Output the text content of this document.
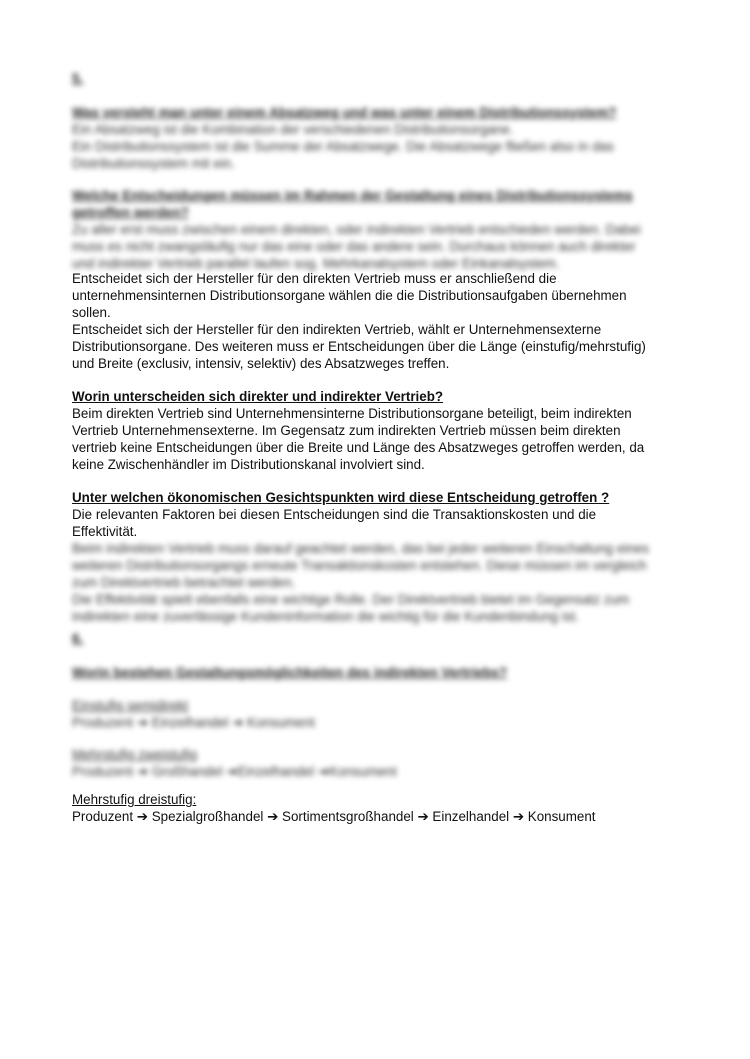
5.

Was versteht man unter einem Absatzweg und was unter einem Distributionssystem?

Ein Absatzweg ist die Kombination der verschiedenen Distributionsorgane.

Ein Distributionssystem ist die Summe der Absatzwege. Die Absatzwege fließen also in das

Distributionssystem mit ein.

Welche Entscheidungen müssen im Rahmen der Gestaltung eines Distributionssystems

getroffen werden?

Zu aller erst muss zwischen einem direkten, oder indirekten Vertrieb entschieden werden. Dabei

muss es nicht zwangsläufig nur das eine oder das andere sein. Durchaus können auch direkter

und indirekter Vertrieb parallel laufen sog. Mehrkanalsystem oder Einkanalsystem.

Entscheidet sich der Hersteller für den direkten Vertrieb muss er anschließend die

unternehmensinternen Distributionsorgane wählen die die Distributionsaufgaben übernehmen

sollen.

Entscheidet sich der Hersteller für den indirekten Vertrieb, wählt er Unternehmensexterne

Distributionsorgane. Des weiteren muss er Entscheidungen über die Länge (einstufig/mehrstufig)

und Breite (exclusiv, intensiv, selektiv) des Absatzweges treffen.

Worin unterscheiden sich direkter und indirekter Vertrieb?

Beim direkten Vertrieb sind Unternehmensinterne Distributionsorgane beteiligt, beim indirekten

Vertrieb Unternehmensexterne. Im Gegensatz zum indirekten Vertrieb müssen beim direkten

vertrieb keine Entscheidungen über die Breite und Länge des Absatzweges getroffen werden, da

keine Zwischenhändler im Distributionskanal involviert sind.

Unter welchen ökonomischen Gesichtspunkten wird diese Entscheidung getroffen ?

Die relevanten Faktoren bei diesen Entscheidungen sind die Transaktionskosten und die

Effektivität.

Beim indirekten Vertrieb muss darauf geachtet werden, das bei jeder weiteren Einschaltung eines

weiteren Distributionsorgangs erneute Transaktionskosten entstehen. Diese müssen im vergleich

zum Direktvertrieb betrachtet werden.

Die Effektivität spielt ebenfalls eine wichtige Rolle. Der Direktvertrieb bietet im Gegensatz zum

indirekten eine zuverlässige Kundeninformation die wichtig für die Kundenbindung ist.

6.

Worin bestehen Gestaltungsmöglichkeiten des indirekten Vertriebs?

Einstufig semidirekt

Produzent ➔ Einzelhandel ➔ Konsument

Mehrstufig zweistufig

Produzent ➔ Großhandel ➔Einzelhandel ➔Konsument

Mehrstufig dreistufig:

Produzent ➔ Spezialgroßhandel ➔ Sortimentsgroßhandel ➔ Einzelhandel ➔ Konsument
